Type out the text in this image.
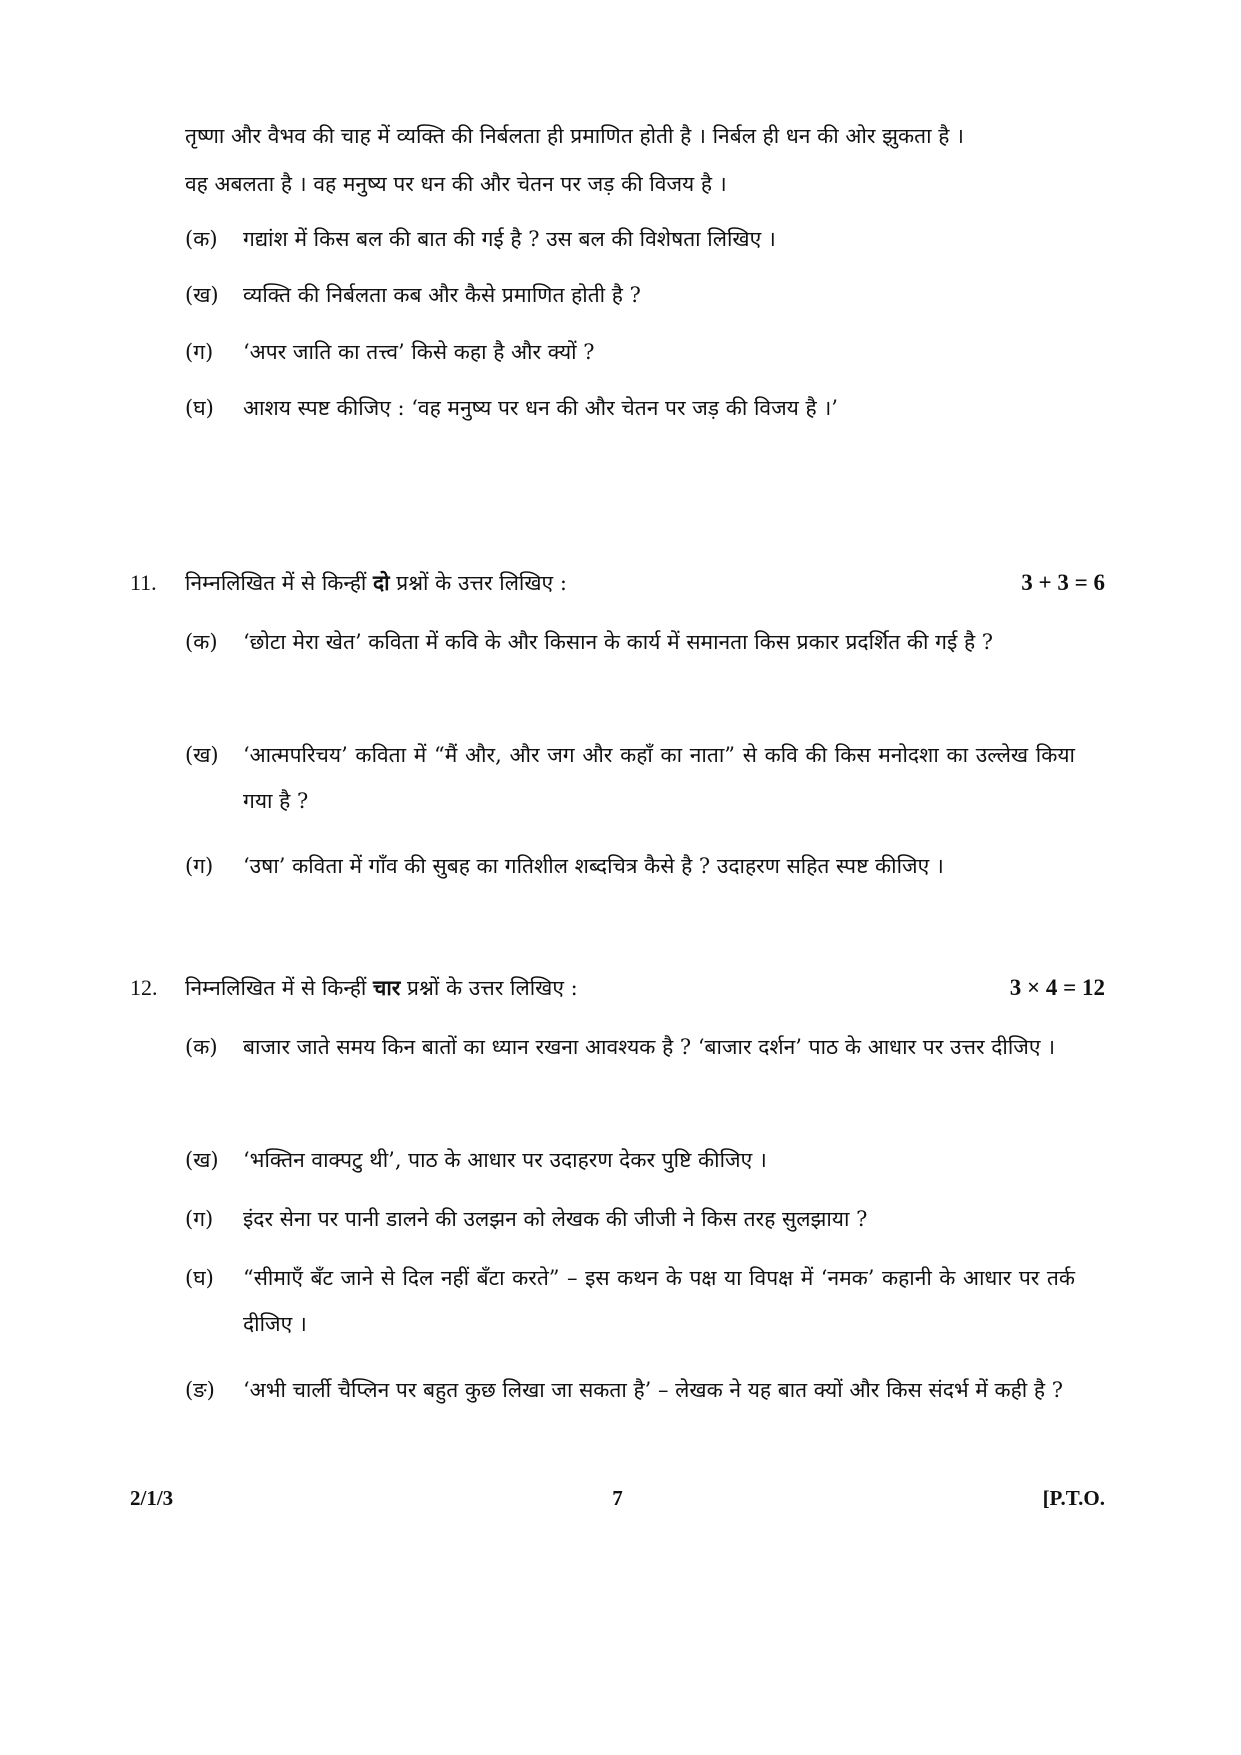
तृष्णा और वैभव की चाह में व्यक्ति की निर्बलता ही प्रमाणित होती है । निर्बल ही धन की ओर झुकता है ।
वह अबलता है । वह मनुष्य पर धन की और चेतन पर जड़ की विजय है ।
(क)	गद्यांश में किस बल की बात की गई है ? उस बल की विशेषता लिखिए ।
(ख)	व्यक्ति की निर्बलता कब और कैसे प्रमाणित होती है ?
(ग)	‘अपर जाति का तत्त्व’ किसे कहा है और क्यों ?
(घ)	आशय स्पष्ट कीजिए : ‘वह मनुष्य पर धन की और चेतन पर जड़ की विजय है ।’
11.	निम्नलिखित में से किन्हीं दो प्रश्नों के उत्तर लिखिए :	3 + 3 = 6
(क)	‘छोटा मेरा खेत’ कविता में कवि के और किसान के कार्य में समानता किस प्रकार प्रदर्शित की गई है ?
(ख)	‘आत्मपरिचय’ कविता में “मैं और, और जग और कहाँ का नाता” से कवि की किस मनोदशा का उल्लेख किया गया है ?
(ग)	‘उषा’ कविता में गाँव की सुबह का गतिशील शब्दचित्र कैसे है ? उदाहरण सहित स्पष्ट कीजिए ।
12.	निम्नलिखित में से किन्हीं चार प्रश्नों के उत्तर लिखिए :	3 × 4 = 12
(क)	बाजार जाते समय किन बातों का ध्यान रखना आवश्यक है ? ‘बाजार दर्शन’ पाठ के आधार पर उत्तर दीजिए ।
(ख)	‘भक्तिन वाक्पटु थी’, पाठ के आधार पर उदाहरण देकर पुष्टि कीजिए ।
(ग)	इंदर सेना पर पानी डालने की उलझन को लेखक की जीजी ने किस तरह सुलझाया ?
(घ)	“सीमाएँ बँट जाने से दिल नहीं बँटा करते” – इस कथन के पक्ष या विपक्ष में ‘नमक’ कहानी के आधार पर तर्क दीजिए ।
(ङ)	‘अभी चार्ली चैप्लिन पर बहुत कुछ लिखा जा सकता है’ – लेखक ने यह बात क्यों और किस संदर्भ में कही है ?
2/1/3	7	[P.T.O.
